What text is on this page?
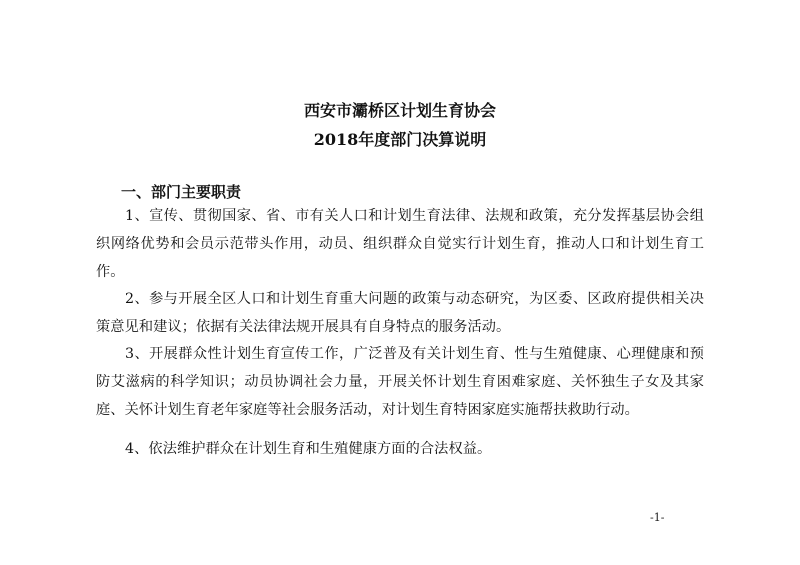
西安市灞桥区计划生育协会
2018年度部门决算说明
一、部门主要职责

1、宣传、贯彻国家、省、市有关人口和计划生育法律、法规和政策，充分发挥基层协会组织网络优势和会员示范带头作用，动员、组织群众自觉实行计划生育，推动人口和计划生育工作。

2、参与开展全区人口和计划生育重大问题的政策与动态研究，为区委、区政府提供相关决策意见和建议；依据有关法律法规开展具有自身特点的服务活动。

3、开展群众性计划生育宣传工作，广泛普及有关计划生育、性与生殖健康、心理健康和预防艾滋病的科学知识；动员协调社会力量，开展关怀计划生育困难家庭、关怀独生子女及其家庭、关怀计划生育老年家庭等社会服务活动，对计划生育特困家庭实施帮扶救助行动。

4、依法维护群众在计划生育和生殖健康方面的合法权益。

-1-
